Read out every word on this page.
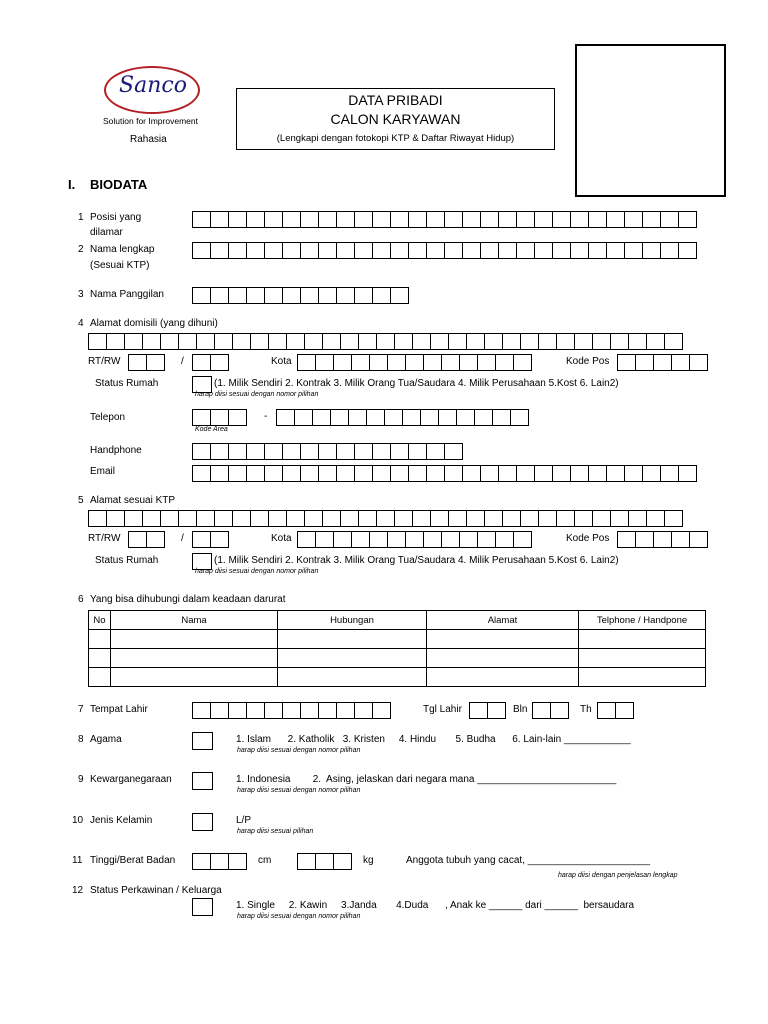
Sanco
Solution for Improvement
Rahasia
DATA PRIBADI
CALON KARYAWAN
(Lengkapi dengan fotokopi KTP & Daftar Riwayat Hidup)
I. BIODATA
1 Posisi yang
dilamar
2 Nama lengkap
(Sesuai KTP)
3 Nama Panggilan
4 Alamat domisili (yang dihuni)
RT/RW	/	Kota	Kode Pos
Status Rumah	(1. Milik Sendiri 2. Kontrak 3. Milik Orang Tua/Saudara 4. Milik Perusahaan 5.Kost 6. Lain2)
harap diisi sesuai dengan nomor pilihan
Telepon	-
Kode Area
Handphone
Email
5 Alamat sesuai KTP
RT/RW	/	Kota	Kode Pos
Status Rumah	(1. Milik Sendiri 2. Kontrak 3. Milik Orang Tua/Saudara 4. Milik Perusahaan 5.Kost 6. Lain2)
harap diisi sesuai dengan nomor pilihan
6 Yang bisa dihubungi dalam keadaan darurat
No	Nama	Hubungan	Alamat	Telphone / Handpone

7 Tempat Lahir	Tgl Lahir	Bln	Th
8 Agama	1. Islam      2. Katholik   3. Kristen     4. Hindu       5. Budha      6. Lain-lain ____________
harap diisi sesuai dengan nomor pilihan
9 Kewarganegaraan	1. Indonesia        2.  Asing, jelaskan dari negara mana _________________________
harap diisi sesuai dengan nomor pilihan
10 Jenis Kelamin	L/P
harap diisi sesuai pilihan
11 Tinggi/Berat Badan	cm	kg	Anggota tubuh yang cacat, ______________________
harap diisi dengan penjelasan lengkap
12 Status Perkawinan / Keluarga
1. Single     2. Kawin     3.Janda       4.Duda      , Anak ke ______ dari ______  bersaudara
harap diisi sesuai dengan nomor pilihan
